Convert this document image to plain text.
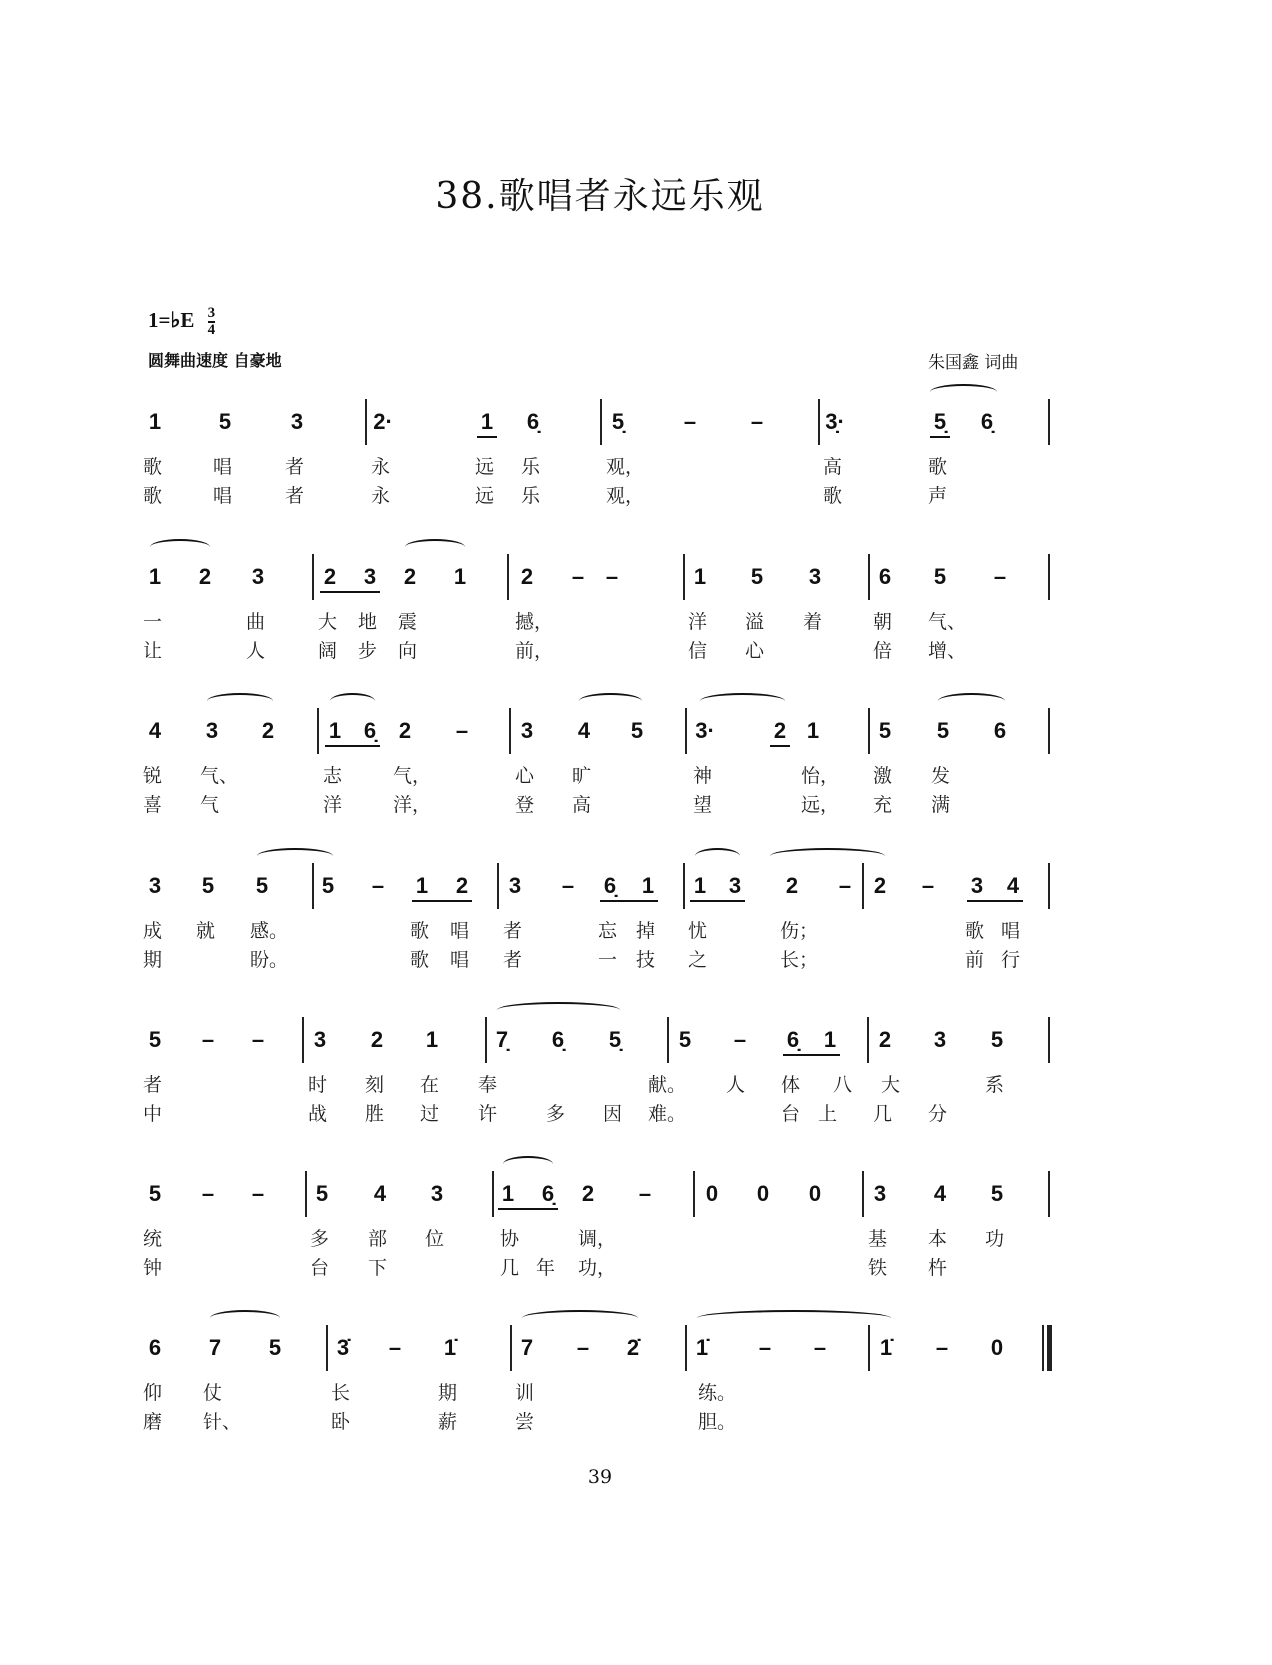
38.歌唱者永远乐观
1=♭E $\frac{3}{4}$
圆舞曲速度 自豪地	朱国鑫 词曲
1	5	3	2·	1	6̣	5̣	–	–	3̣·	5̣	6̣
歌	唱	者	永	远	乐	观，	高	歌
歌	唱	者	永	远	乐	观，	歌	声
1	2	3	2	3	2	1	2	– –	1	5	3	6	5	–
一	曲	大	地	震	撼，	洋	溢	着	朝	气、
让	人	阔	步	向	前，	信	心	倍	增、
4	3	2	1	6̣	2	–	3	4	5	3·	2 1	5	5	6
锐	气、	志	气，	心	旷	神	怡， 激	发
喜	气	洋	洋，	登	高	望	远， 充	满
3	5	5	5	–	1	2	3	–	6̣	1	1	3	2	–	2	–	3	4
成	就	感。	歌	唱	者	忘 掉	忧	伤；	歌 唱
期	盼。	歌	唱	者	一 技	之	长；	前 行
5	–	–	3	2	1	7̣	6̣	5̣	5	–	6̣	1	2	3	5
者	时	刻	在	奉	献。 人	体	八	大	系
中	战	胜	过	许	多	因	难。	台 上	几	分
5	–	–	5	4	3	1	6̣	2	–	0	0	0	3	4	5
统	多	部	位	协	调，	基	本	功
钟	台	下	几 年	功，	铁	杵
6	7	5	3̇	–	1̇	7	–	2̇	1̇	–	–	1̇	–	0
仰	仗	长	期	训	练。
磨	针、	卧	薪	尝	胆。
39
